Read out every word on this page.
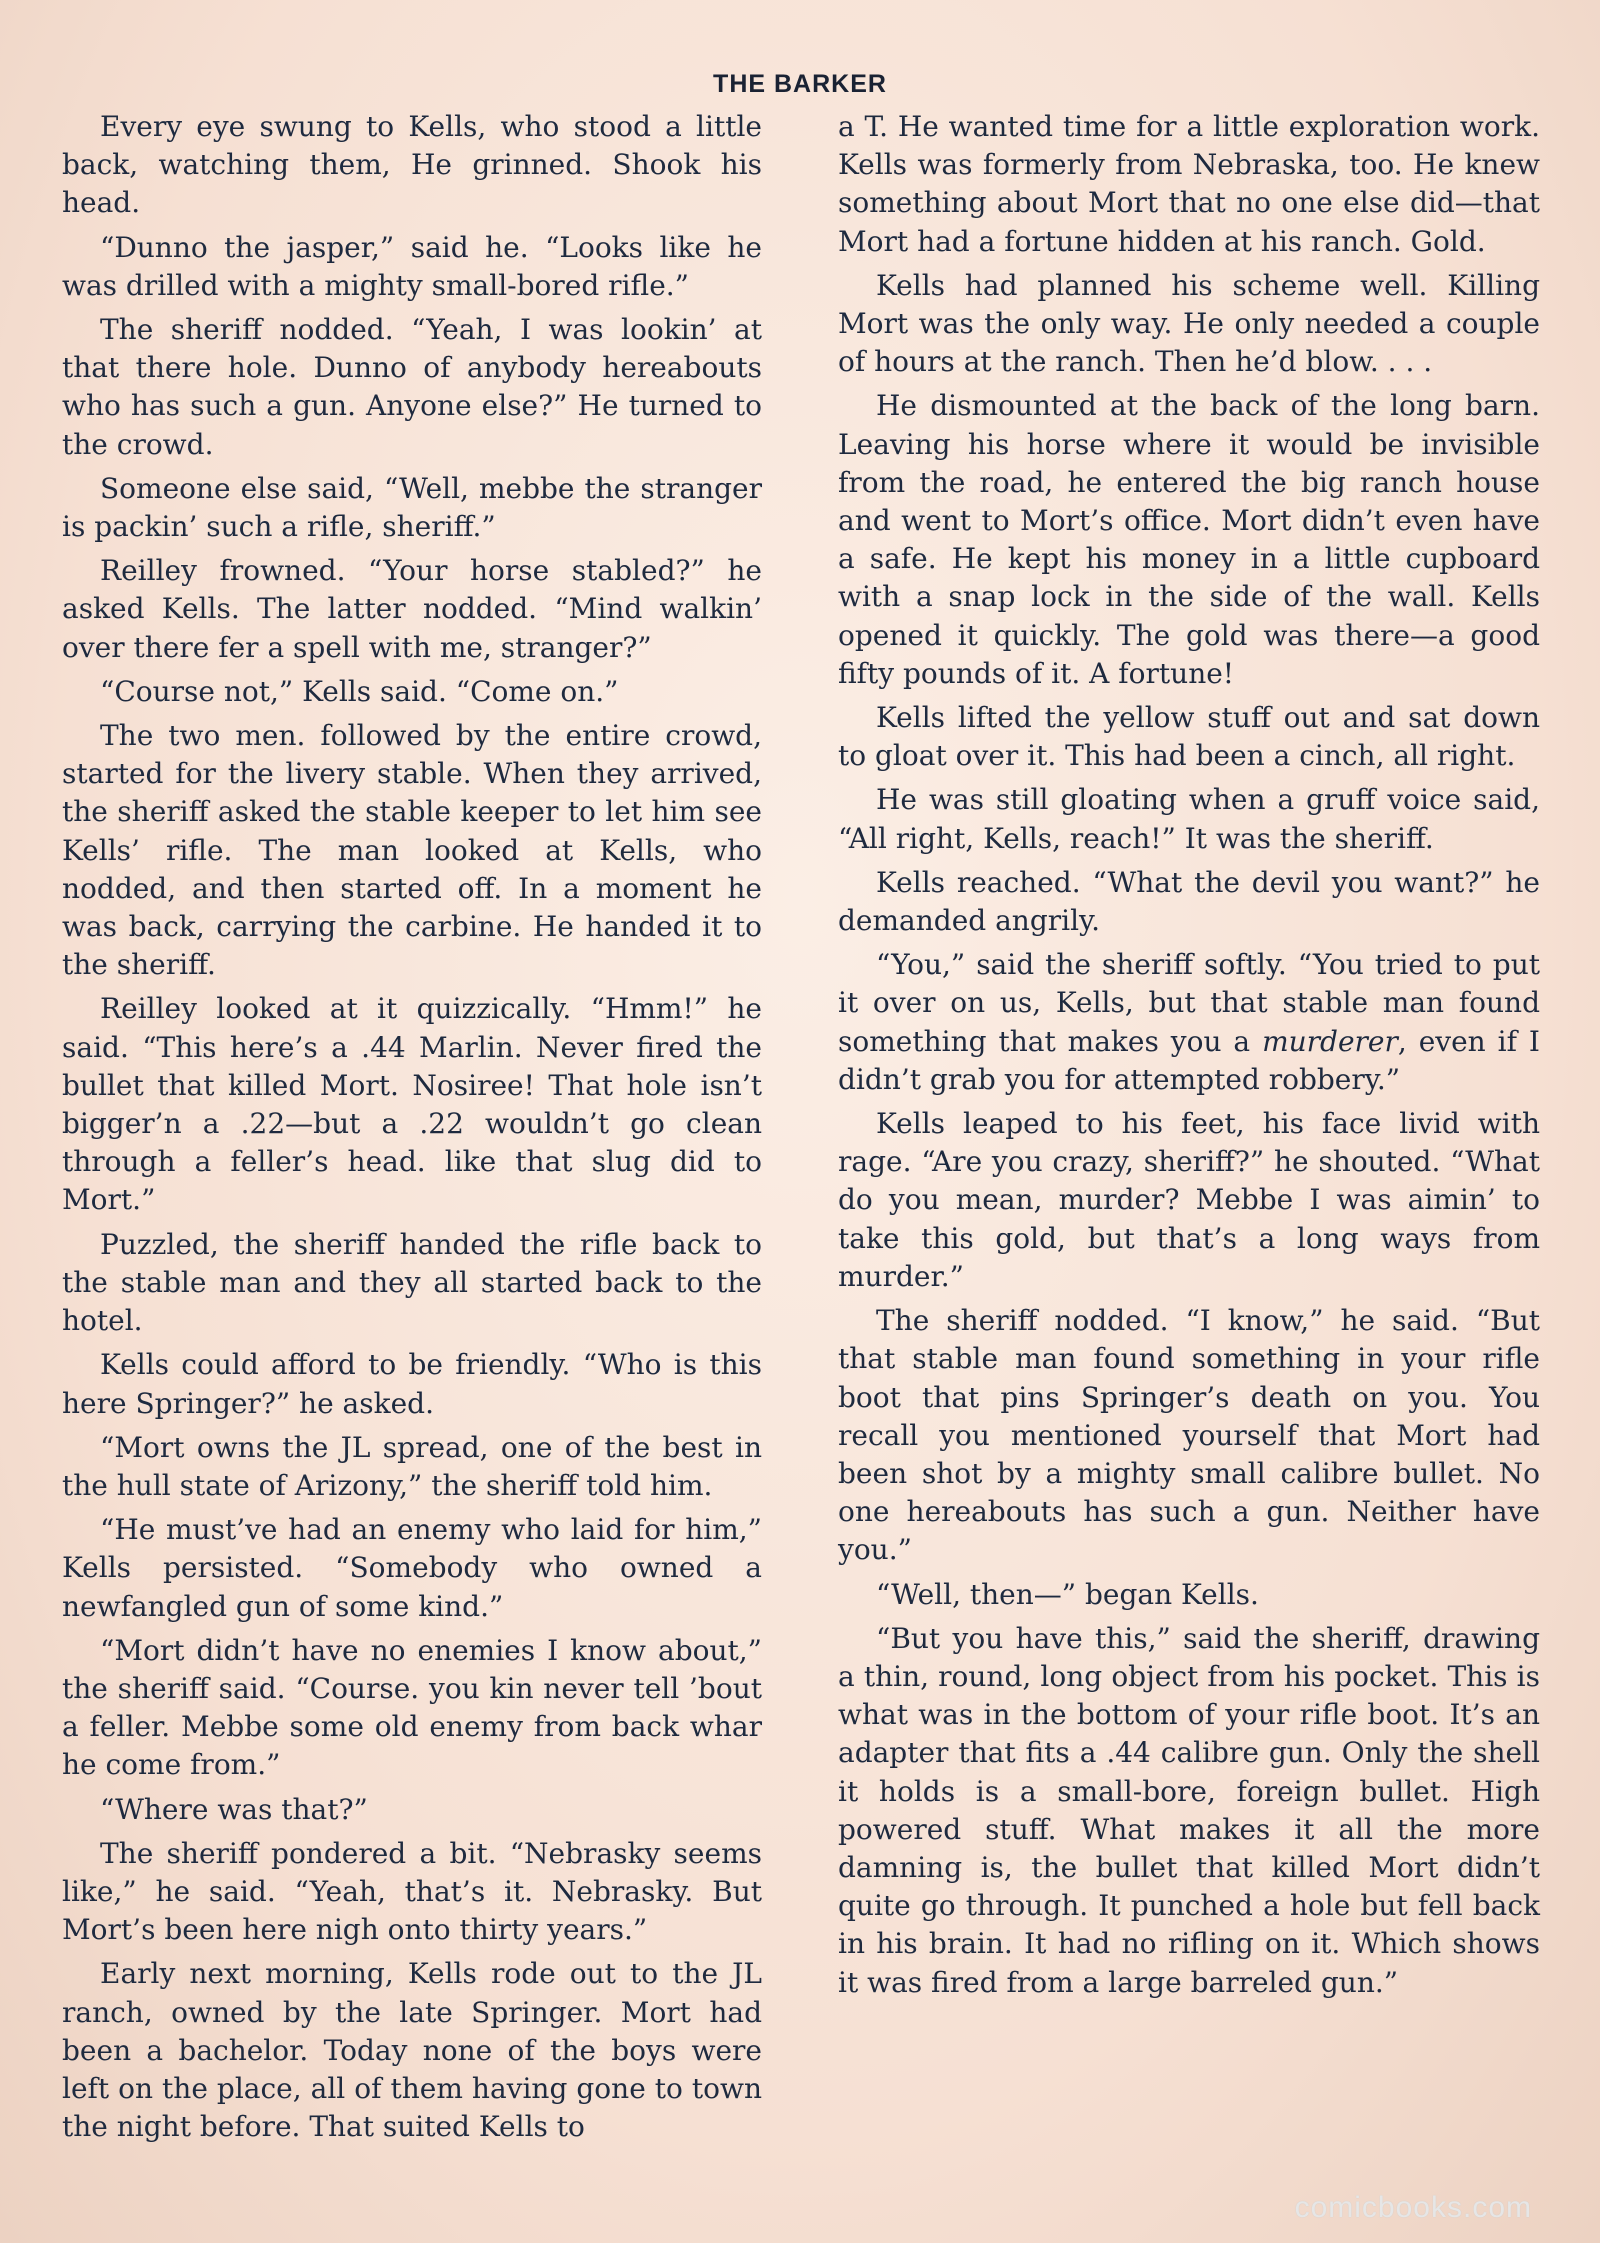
THE BARKER

Every eye swung to Kells, who stood a little back, watching them, He grinned. Shook his head.

“Dunno the jasper,” said he. “Looks like he was drilled with a mighty small-bored rifle.”

The sheriff nodded. “Yeah, I was lookin’ at that there hole. Dunno of anybody hereabouts who has such a gun. Anyone else?” He turned to the crowd.

Someone else said, “Well, mebbe the stranger is packin’ such a rifle, sheriff.”

Reilley frowned. “Your horse stabled?” he asked Kells. The latter nodded. “Mind walkin’ over there fer a spell with me, stranger?”

“Course not,” Kells said. “Come on.”

The two men. followed by the entire crowd, started for the livery stable. When they arrived, the sheriff asked the stable keeper to let him see Kells’ rifle. The man looked at Kells, who nodded, and then started off. In a moment he was back, carrying the carbine. He handed it to the sheriff.

Reilley looked at it quizzically. “Hmm!” he said. “This here’s a .44 Marlin. Never fired the bullet that killed Mort. Nosiree! That hole isn’t bigger’n a .22—but a .22 wouldn’t go clean through a feller’s head. like that slug did to Mort.”

Puzzled, the sheriff handed the rifle back to the stable man and they all started back to the hotel.

Kells could afford to be friendly. “Who is this here Springer?” he asked.

“Mort owns the JL spread, one of the best in the hull state of Arizony,” the sheriff told him.

“He must’ve had an enemy who laid for him,” Kells persisted. “Somebody who owned a newfangled gun of some kind.”

“Mort didn’t have no enemies I know about,” the sheriff said. “Course. you kin never tell ’bout a feller. Mebbe some old enemy from back whar he come from.”

“Where was that?”

The sheriff pondered a bit. “Nebrasky seems like,” he said. “Yeah, that’s it. Nebrasky. But Mort’s been here nigh onto thirty years.”

Early next morning, Kells rode out to the JL ranch, owned by the late Springer. Mort had been a bachelor. Today none of the boys were left on the place, all of them having gone to town the night before. That suited Kells to

a T. He wanted time for a little exploration work. Kells was formerly from Nebraska, too. He knew something about Mort that no one else did—that Mort had a fortune hidden at his ranch. Gold.

Kells had planned his scheme well. Killing Mort was the only way. He only needed a couple of hours at the ranch. Then he’d blow. . . .

He dismounted at the back of the long barn. Leaving his horse where it would be invisible from the road, he entered the big ranch house and went to Mort’s office. Mort didn’t even have a safe. He kept his money in a little cupboard with a snap lock in the side of the wall. Kells opened it quickly. The gold was there—a good fifty pounds of it. A fortune!

Kells lifted the yellow stuff out and sat down to gloat over it. This had been a cinch, all right.

He was still gloating when a gruff voice said, “All right, Kells, reach!” It was the sheriff.

Kells reached. “What the devil you want?” he demanded angrily.

“You,” said the sheriff softly. “You tried to put it over on us, Kells, but that stable man found something that makes you a murderer, even if I didn’t grab you for attempted robbery.”

Kells leaped to his feet, his face livid with rage. “Are you crazy, sheriff?” he shouted. “What do you mean, murder? Mebbe I was aimin’ to take this gold, but that’s a long ways from murder.”

The sheriff nodded. “I know,” he said. “But that stable man found something in your rifle boot that pins Springer’s death on you. You recall you mentioned yourself that Mort had been shot by a mighty small calibre bullet. No one hereabouts has such a gun. Neither have you.”

“Well, then—” began Kells.

“But you have this,” said the sheriff, drawing a thin, round, long object from his pocket. This is what was in the bottom of your rifle boot. It’s an adapter that fits a .44 calibre gun. Only the shell it holds is a small-bore, foreign bullet. High powered stuff. What makes it all the more damning is, the bullet that killed Mort didn’t quite go through. It punched a hole but fell back in his brain. It had no rifling on it. Which shows it was fired from a large barreled gun.”

comicbooks.com
